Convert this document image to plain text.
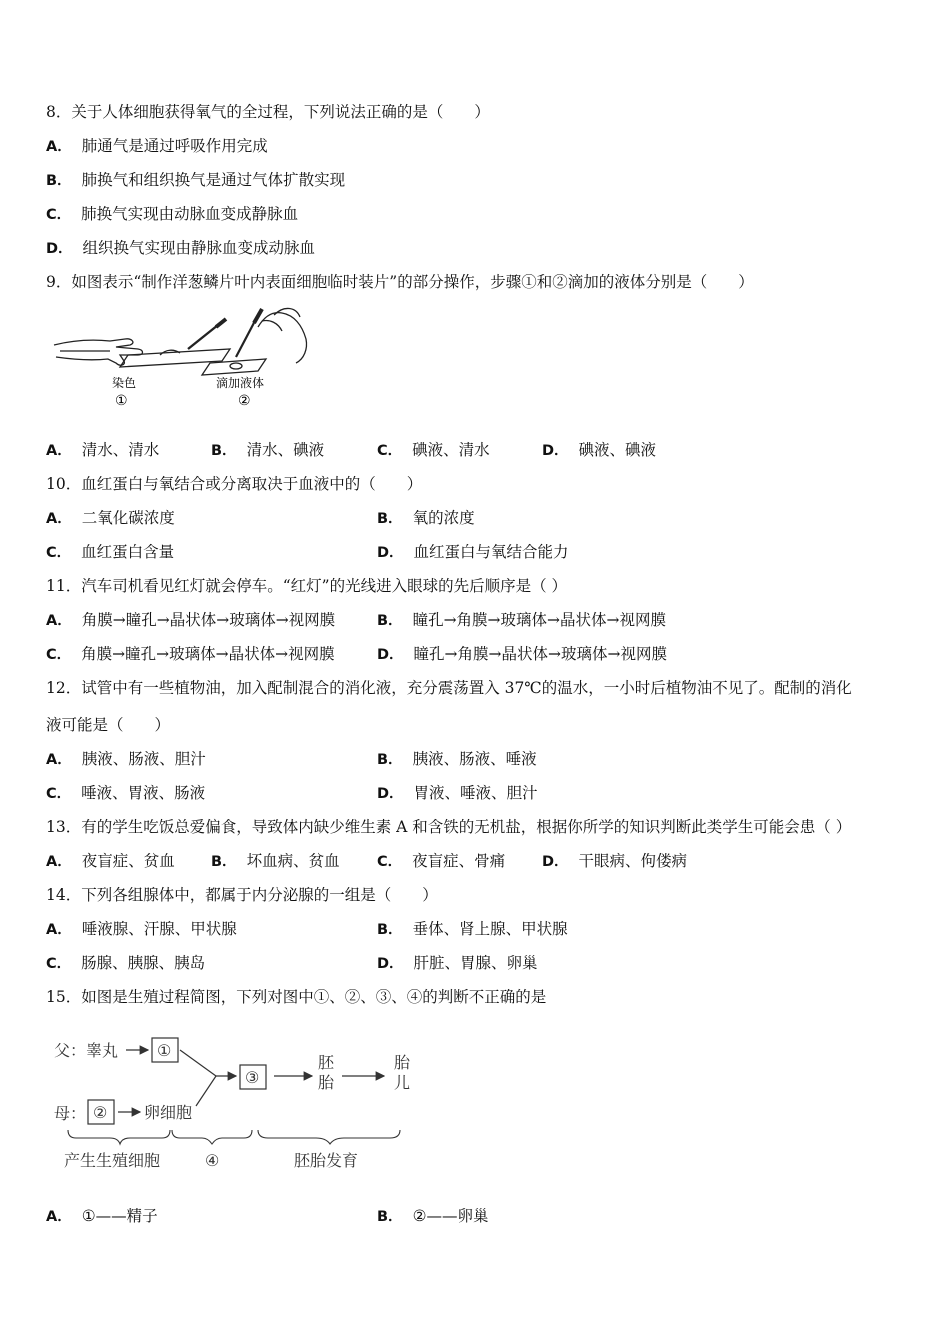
8．关于人体细胞获得氧气的全过程，下列说法正确的是（　　）
A． 肺通气是通过呼吸作用完成
B． 肺换气和组织换气是通过气体扩散实现
C． 肺换气实现由动脉血变成静脉血
D． 组织换气实现由静脉血变成动脉血
9．如图表示“制作洋葱鳞片叶内表面细胞临时装片”的部分操作，步骤①和②滴加的液体分别是（　　）
染色
①
滴加液体
②
A． 清水、清水	B． 清水、碘液	C． 碘液、清水	D． 碘液、碘液
10．血红蛋白与氧结合或分离取决于血液中的（　　）
A． 二氧化碳浓度	B． 氧的浓度
C． 血红蛋白含量	D． 血红蛋白与氧结合能力
11．汽车司机看见红灯就会停车。“红灯”的光线进入眼球的先后顺序是（ ）
A． 角膜→瞳孔→晶状体→玻璃体→视网膜	B． 瞳孔→角膜→玻璃体→晶状体→视网膜
C． 角膜→瞳孔→玻璃体→晶状体→视网膜	D． 瞳孔→角膜→晶状体→玻璃体→视网膜
12．试管中有一些植物油，加入配制混合的消化液，充分震荡置入 37℃的温水，一小时后植物油不见了。配制的消化
液可能是（　　）
A． 胰液、肠液、胆汁	B． 胰液、肠液、唾液
C． 唾液、胃液、肠液	D． 胃液、唾液、胆汁
13．有的学生吃饭总爱偏食，导致体内缺少维生素 A 和含铁的无机盐，根据你所学的知识判断此类学生可能会患（ ）
A． 夜盲症、贫血	B． 坏血病、贫血	C． 夜盲症、骨痛	D． 干眼病、佝偻病
14．下列各组腺体中，都属于内分泌腺的一组是（　　）
A． 唾液腺、汗腺、甲状腺	B． 垂体、肾上腺、甲状腺
C． 肠腺、胰腺、胰岛	D． 肝脏、胃腺、卵巢
15．如图是生殖过程简图，下列对图中①、②、③、④的判断不正确的是
父：睾丸 ①
母： ② 卵细胞
③
胚
胎
胎
儿
产生生殖细胞	④	胚胎发育
A． ①——精子	B． ②——卵巢
